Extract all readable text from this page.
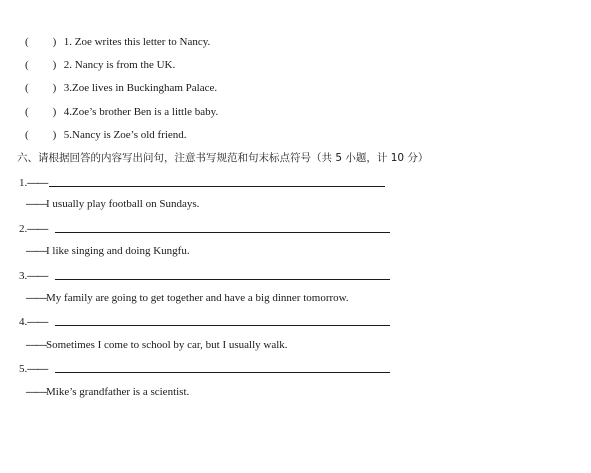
( ) 1. Zoe writes this letter to Nancy.
( ) 2. Nancy is from the UK.
( ) 3.Zoe lives in Buckingham Palace.
( ) 4.Zoe’s brother Ben is a little baby.
( ) 5.Nancy is Zoe’s old friend.
六、请根据回答的内容写出问句，注意书写规范和句末标点符号（共 5 小题，计 10 分）
1.——
——I usually play football on Sundays.
2.——
——I like singing and doing Kungfu.
3.——
——My family are going to get together and have a big dinner tomorrow.
4.——
——Sometimes I come to school by car, but I usually walk.
5.——
——Mike’s grandfather is a scientist.
